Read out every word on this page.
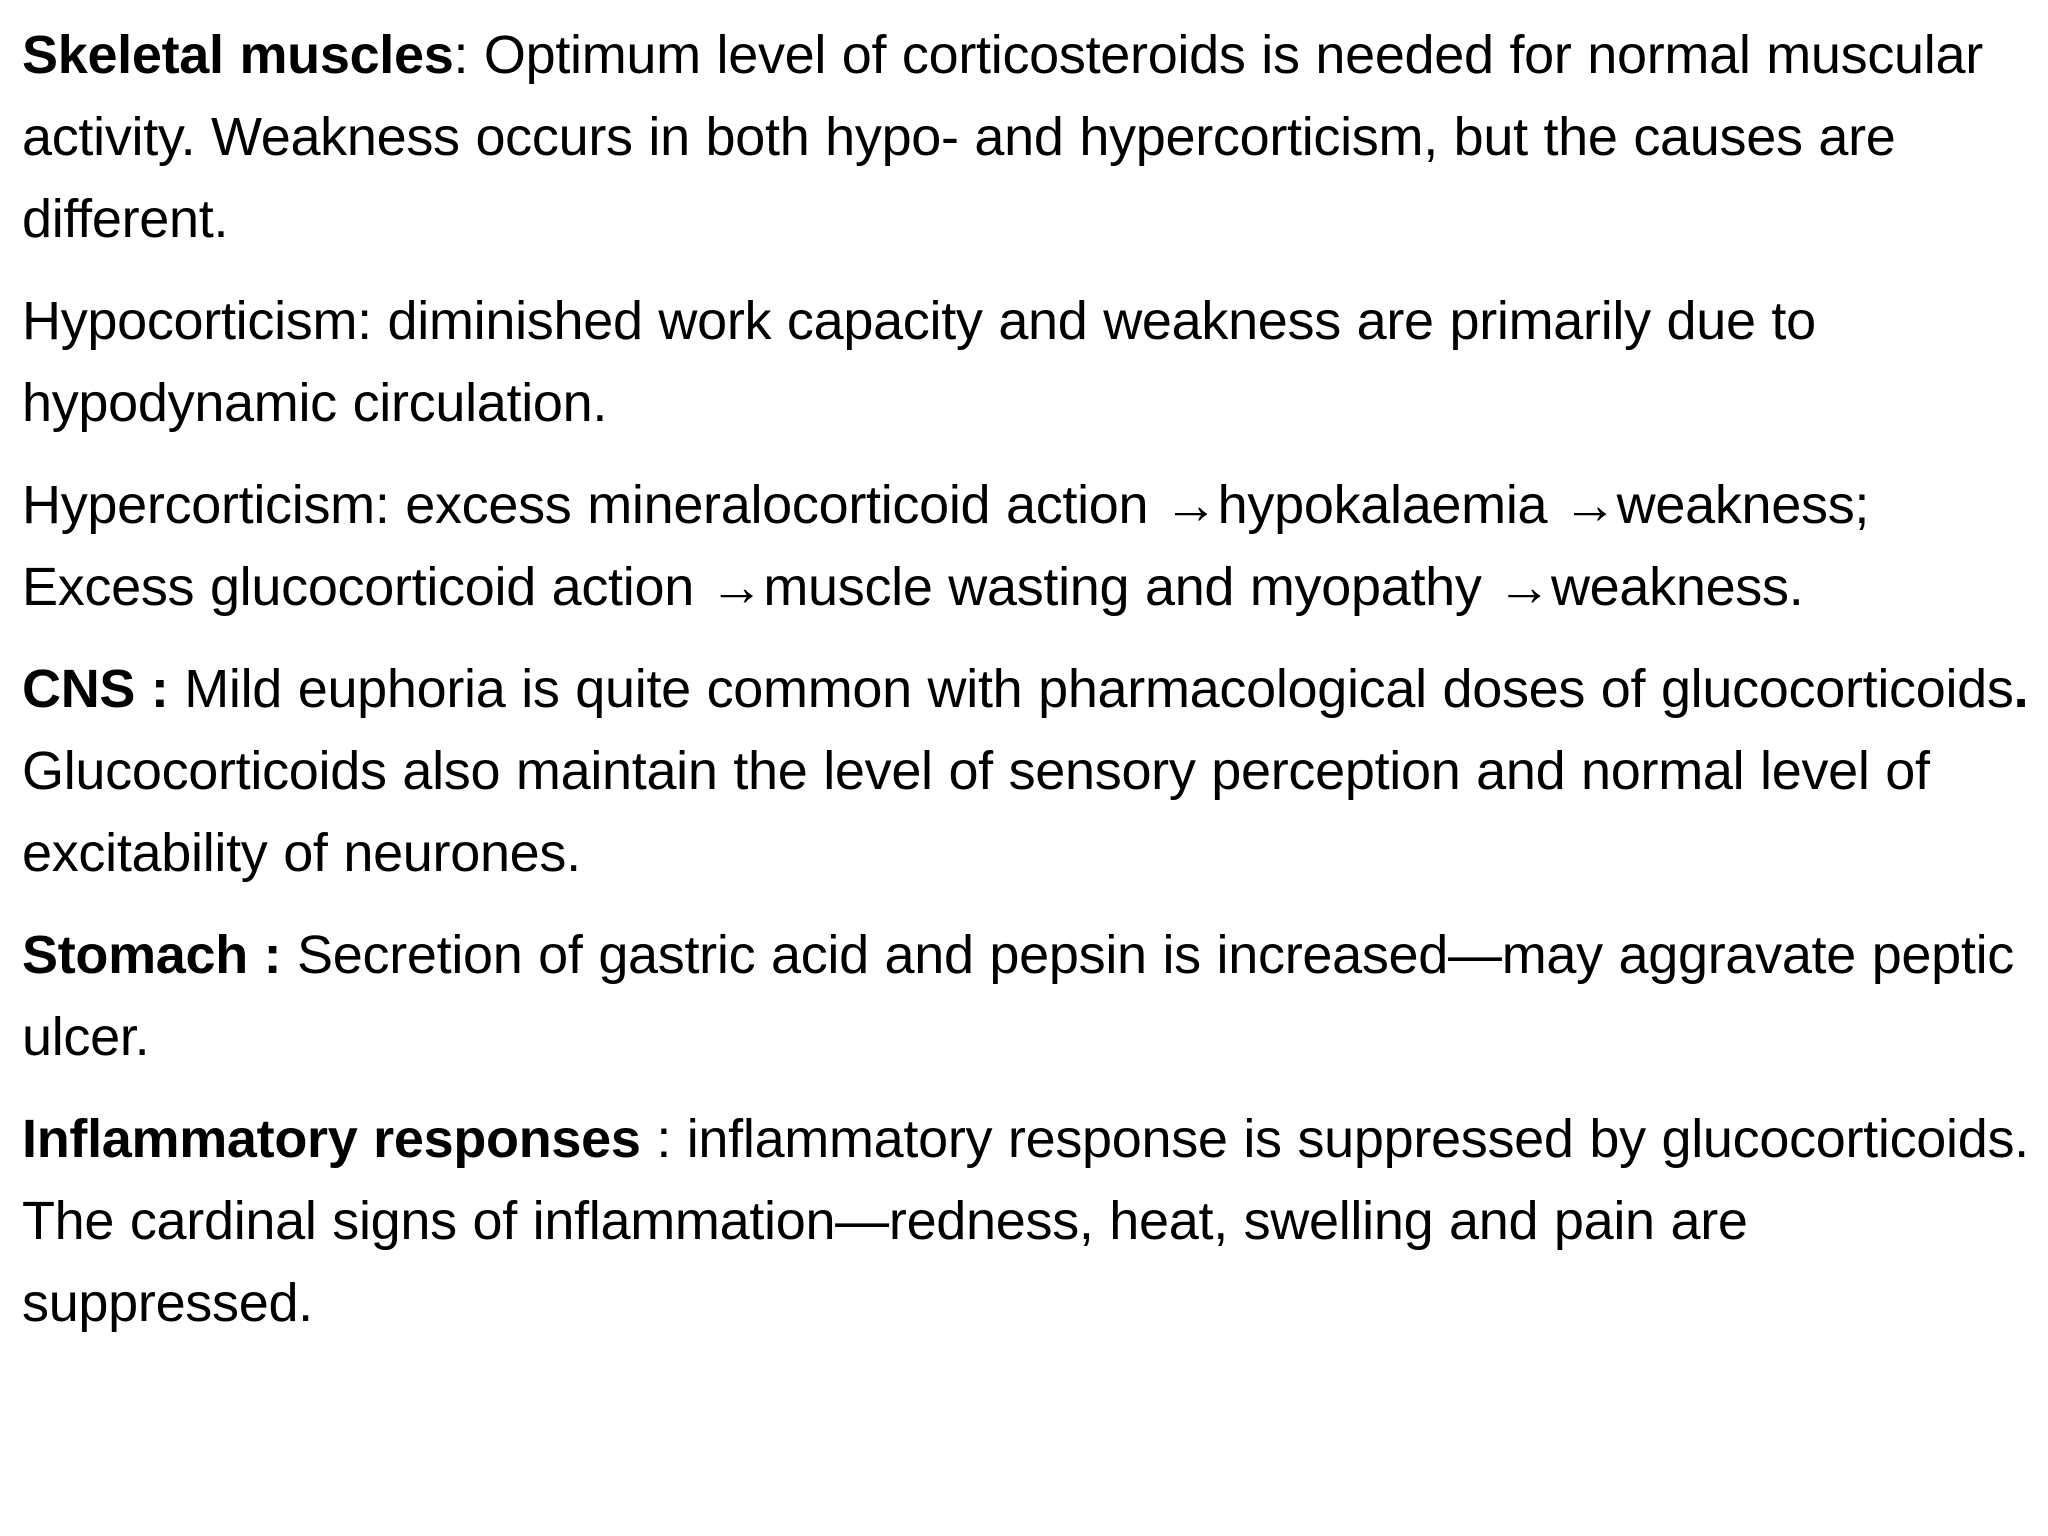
Skeletal muscles: Optimum level of corticosteroids is needed for normal muscular activity. Weakness occurs in both hypo- and hypercorticism, but the causes are different.

Hypocorticism: diminished work capacity and weakness are primarily due to hypodynamic circulation.

Hypercorticism: excess mineralocorticoid action →hypokalaemia →weakness; Excess glucocorticoid action →muscle wasting and myopathy →weakness.

CNS : Mild euphoria is quite common with pharmacological doses of glucocorticoids. Glucocorticoids also maintain the level of sensory perception and normal level of excitability of neurones.

Stomach : Secretion of gastric acid and pepsin is increased—may aggravate peptic ulcer.

Inflammatory responses : inflammatory response is suppressed by glucocorticoids. The cardinal signs of inflammation—redness, heat, swelling and pain are suppressed.
